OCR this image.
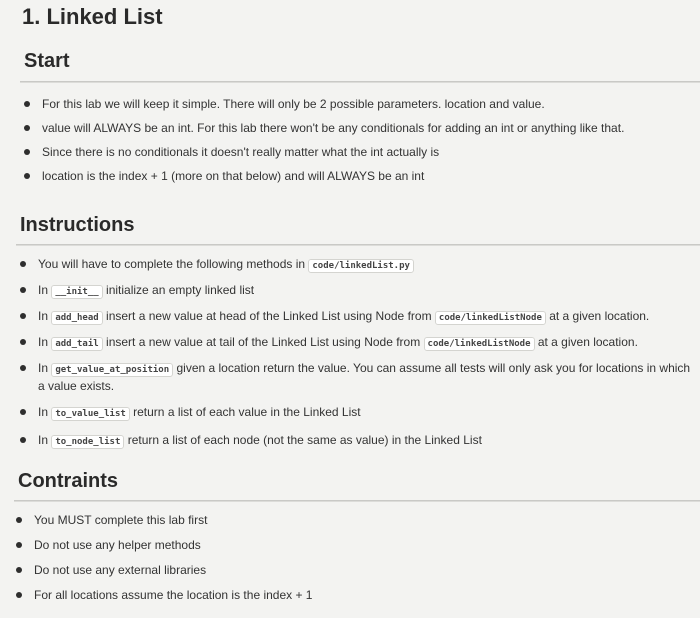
1. Linked List
Start
For this lab we will keep it simple. There will only be 2 possible parameters. location and value.
value will ALWAYS be an int. For this lab there won't be any conditionals for adding an int or anything like that.
Since there is no conditionals it doesn't really matter what the int actually is
location is the index + 1 (more on that below) and will ALWAYS be an int
Instructions
You will have to complete the following methods in code/linkedList.py
In __init__ initialize an empty linked list
In add_head insert a new value at head of the Linked List using Node from code/linkedListNode at a given location.
In add_tail insert a new value at tail of the Linked List using Node from code/linkedListNode at a given location.
In get_value_at_position given a location return the value. You can assume all tests will only ask you for locations in which a value exists.
In to_value_list return a list of each value in the Linked List
In to_node_list return a list of each node (not the same as value) in the Linked List
Contraints
You MUST complete this lab first
Do not use any helper methods
Do not use any external libraries
For all locations assume the location is the index + 1
